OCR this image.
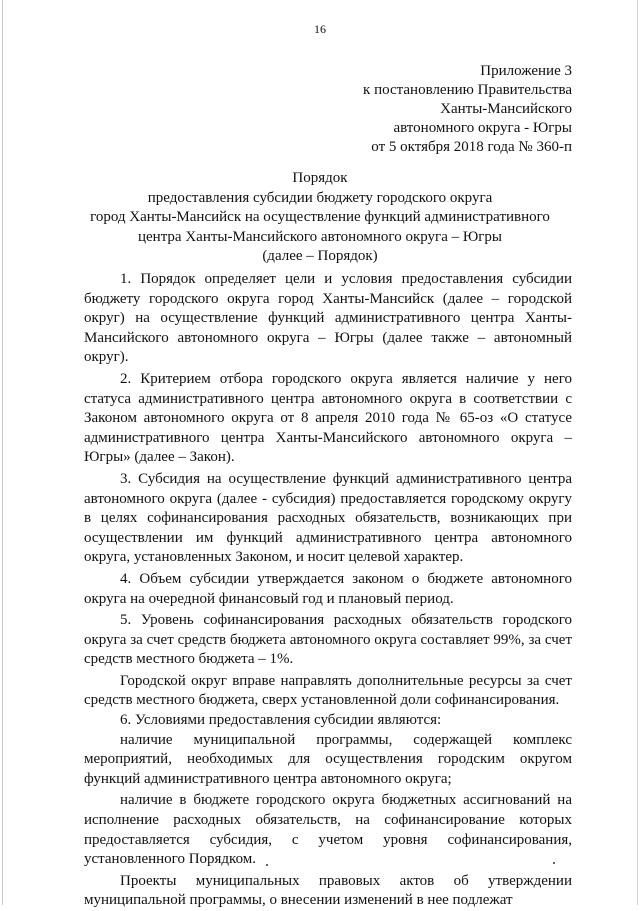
16
Приложение 3
к постановлению Правительства
Ханты-Мансийского
автономного округа - Югры
от 5 октября 2018 года № 360-п
Порядок
предоставления субсидии бюджету городского округа
город Ханты-Мансийск на осуществление функций административного
центра Ханты-Мансийского автономного округа – Югры
(далее – Порядок)

1. Порядок определяет цели и условия предоставления субсидии бюджету городского округа город Ханты-Мансийск (далее – городской округ) на осуществление функций административного центра Ханты-Мансийского автономного округа – Югры (далее также – автономный округ).

2. Критерием отбора городского округа является наличие у него статуса административного центра автономного округа в соответствии с Законом автономного округа от 8 апреля 2010 года № 65-оз «О статусе административного центра Ханты-Мансийского автономного округа – Югры» (далее – Закон).

3. Субсидия на осуществление функций административного центра автономного округа (далее - субсидия) предоставляется городскому округу в целях софинансирования расходных обязательств, возникающих при осуществлении им функций административного центра автономного округа, установленных Законом, и носит целевой характер.

4. Объем субсидии утверждается законом о бюджете автономного округа на очередной финансовый год и плановый период.

5. Уровень софинансирования расходных обязательств городского округа за счет средств бюджета автономного округа составляет 99%, за счет средств местного бюджета – 1%.

Городской округ вправе направлять дополнительные ресурсы за счет средств местного бюджета, сверх установленной доли софинансирования.

6. Условиями предоставления субсидии являются:

наличие муниципальной программы, содержащей комплекс мероприятий, необходимых для осуществления городским округом функций административного центра автономного округа;

наличие в бюджете городского округа бюджетных ассигнований на исполнение расходных обязательств, на софинансирование которых предоставляется субсидия, с учетом уровня софинансирования, установленного Порядком.

Проекты муниципальных правовых актов об утверждении муниципальной программы, о внесении изменений в нее подлежат
